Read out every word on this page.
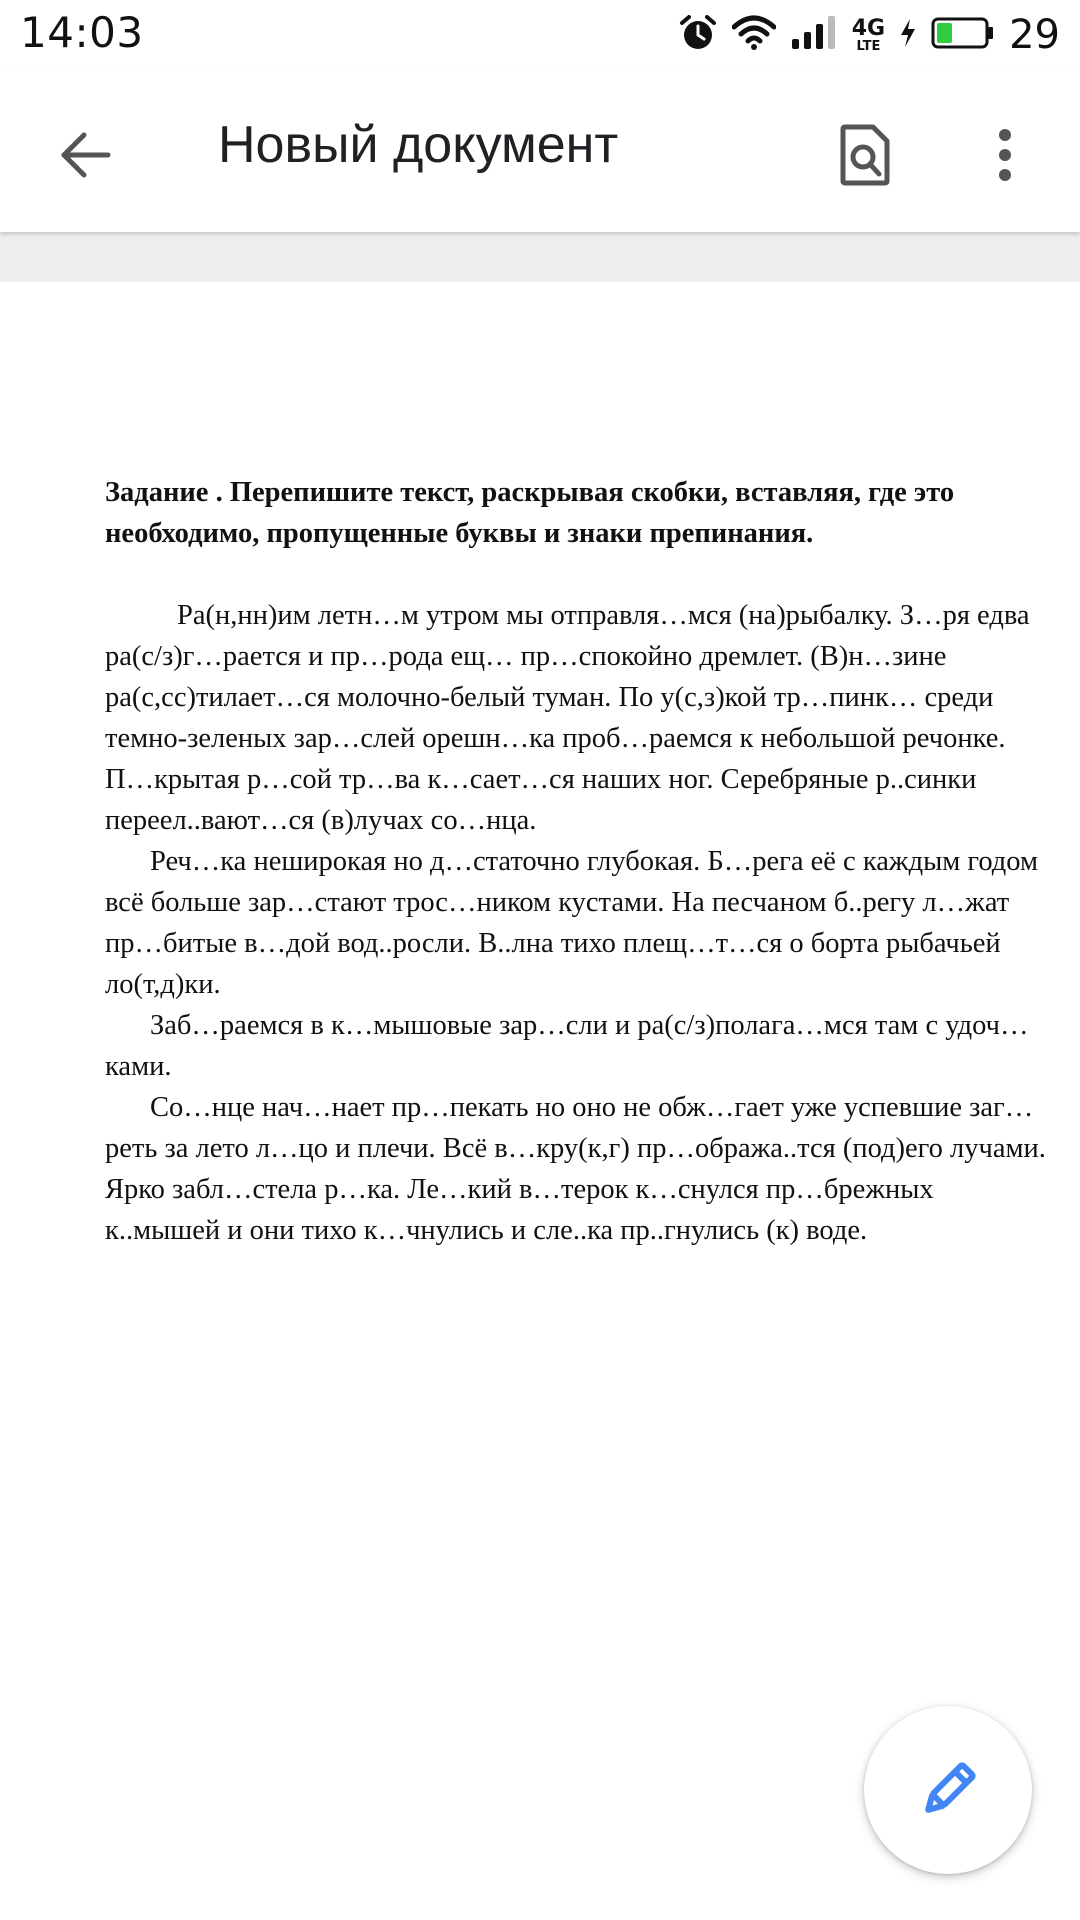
14:03	4G
LTE	29
Новый документ

Задание . Перепишите текст, раскрывая скобки, вставляя, где это необходимо, пропущенные буквы и знаки препинания.

Ра(н,нн)им летн…м утром мы отправля…мся (на)рыбалку. З…ря едва ра(с/з)г…рается и пр…рода ещ… пр…спокойно дремлет. (В)н…зине ра(с,сс)тилает…ся молочно-белый туман. По у(с,з)кой тр…пинк… среди темно-зеленых зар…слей орешн…ка проб…раемся к небольшой речонке. П…крытая р…сой тр…ва к…сает…ся наших ног. Серебряные р..синки переел..вают…ся (в)лучах со…нца.

Реч…ка неширокая но д…статочно глубокая. Б…рега её с каждым годом всё больше зар…стают трос…ником кустами. На песчаном б..регу л…жат пр…битые в…дой вод..росли. В..лна тихо плещ…т…ся о борта рыбачьей ло(т,д)ки.

Заб…раемся в к…мышовые зар…сли и ра(с/з)полага…мся там с удоч…ками.

Со…нце нач…нает пр…пекать но оно не обж…гает уже успевшие заг…реть за лето л…цо и плечи. Всё в…кру(к,г) пр…ображa..тся (под)его лучами. Ярко забл…стела р…ка. Ле…кий в…терок к…снулся пр…брежных к..мышей и они тихо к…чнулись и сле..ка пр..гнулись (к) воде.
